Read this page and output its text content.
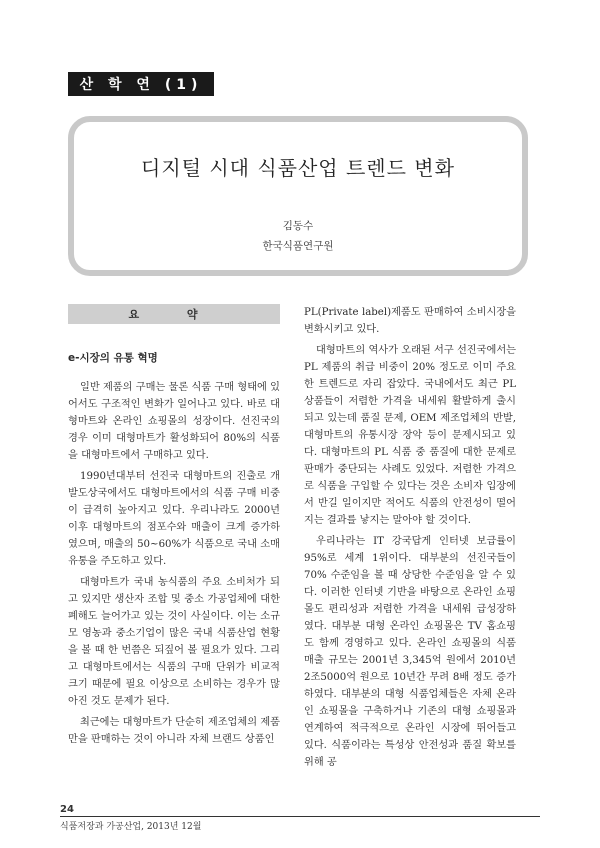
산 학 연 (1)
디지털 시대 식품산업 트렌드 변화
김동수
한국식품연구원
요 약
e-시장의 유통 혁명

일반 제품의 구매는 물론 식품 구매 형태에 있어서도 구조적인 변화가 일어나고 있다. 바로 대형마트와 온라인 쇼핑몰의 성장이다. 선진국의 경우 이미 대형마트가 활성화되어 80%의 식품을 대형마트에서 구매하고 있다.

1990년대부터 선진국 대형마트의 진출로 개발도상국에서도 대형마트에서의 식품 구매 비중이 급격히 높아지고 있다. 우리나라도 2000년 이후 대형마트의 점포수와 매출이 크게 증가하였으며, 매출의 50~60%가 식품으로 국내 소매 유통을 주도하고 있다.

대형마트가 국내 농식품의 주요 소비처가 되고 있지만 생산자 조합 및 중소 가공업체에 대한 폐해도 늘어가고 있는 것이 사실이다. 이는 소규모 영농과 중소기업이 많은 국내 식품산업 현황을 볼 때 한 번쯤은 되짚어 볼 필요가 있다. 그리고 대형마트에서는 식품의 구매 단위가 비교적 크기 때문에 필요 이상으로 소비하는 경우가 많아진 것도 문제가 된다.

최근에는 대형마트가 단순히 제조업체의 제품만을 판매하는 것이 아니라 자체 브랜드 상품인

PL(Private label)제품도 판매하여 소비시장을 변화시키고 있다.

대형마트의 역사가 오래된 서구 선진국에서는 PL 제품의 취급 비중이 20% 정도로 이미 주요한 트렌드로 자리 잡았다. 국내에서도 최근 PL 상품들이 저렴한 가격을 내세워 활발하게 출시되고 있는데 품질 문제, OEM 제조업체의 반발, 대형마트의 유통시장 장악 등이 문제시되고 있다. 대형마트의 PL 식품 중 품질에 대한 문제로 판매가 중단되는 사례도 있었다. 저렴한 가격으로 식품을 구입할 수 있다는 것은 소비자 입장에서 반길 일이지만 적어도 식품의 안전성이 떨어지는 결과를 낳지는 말아야 할 것이다.

우리나라는 IT 강국답게 인터넷 보급률이 95%로 세계 1위이다. 대부분의 선진국들이 70% 수준임을 볼 때 상당한 수준임을 알 수 있다. 이러한 인터넷 기반을 바탕으로 온라인 쇼핑몰도 편리성과 저렴한 가격을 내세워 급성장하였다. 대부분 대형 온라인 쇼핑몰은 TV 홈쇼핑도 함께 경영하고 있다. 온라인 쇼핑몰의 식품 매출 규모는 2001년 3,345억 원에서 2010년 2조5000억 원으로 10년간 무려 8배 정도 증가하였다. 대부분의 대형 식품업체들은 자체 온라인 쇼핑몰을 구축하거나 기존의 대형 쇼핑몰과 연계하여 적극적으로 온라인 시장에 뛰어들고 있다. 식품이라는 특성상 안전성과 품질 확보를 위해 공

24
식품저장과 가공산업, 2013년 12월
